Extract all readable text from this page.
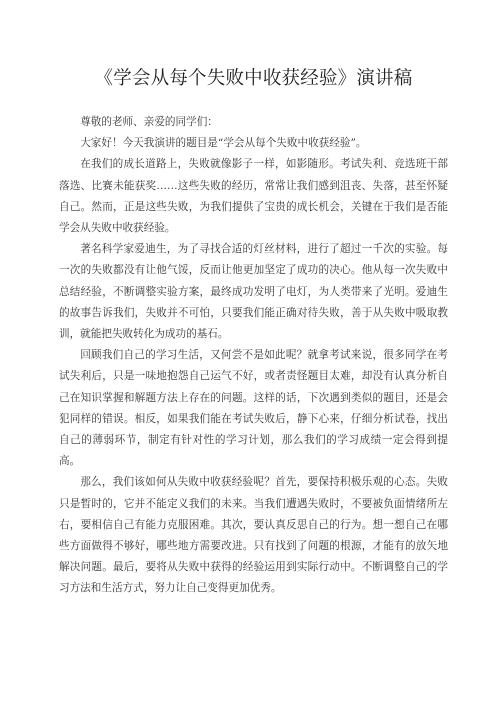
《学会从每个失败中收获经验》演讲稿

尊敬的老师、亲爱的同学们：

大家好！今天我演讲的题目是“学会从每个失败中收获经验”。

在我们的成长道路上，失败就像影子一样，如影随形。考试失利、竞选班干部落选、比赛未能获奖……这些失败的经历，常常让我们感到沮丧、失落，甚至怀疑自己。然而，正是这些失败，为我们提供了宝贵的成长机会，关键在于我们是否能学会从失败中收获经验。

著名科学家爱迪生，为了寻找合适的灯丝材料，进行了超过一千次的实验。每一次的失败都没有让他气馁，反而让他更加坚定了成功的决心。他从每一次失败中总结经验，不断调整实验方案，最终成功发明了电灯，为人类带来了光明。爱迪生的故事告诉我们，失败并不可怕，只要我们能正确对待失败，善于从失败中吸取教训，就能把失败转化为成功的基石。

回顾我们自己的学习生活，又何尝不是如此呢？就拿考试来说，很多同学在考试失利后，只是一味地抱怨自己运气不好，或者责怪题目太难，却没有认真分析自己在知识掌握和解题方法上存在的问题。这样的话，下次遇到类似的题目，还是会犯同样的错误。相反，如果我们能在考试失败后，静下心来，仔细分析试卷，找出自己的薄弱环节，制定有针对性的学习计划，那么我们的学习成绩一定会得到提高。

那么，我们该如何从失败中收获经验呢？首先，要保持积极乐观的心态。失败只是暂时的，它并不能定义我们的未来。当我们遭遇失败时，不要被负面情绪所左右，要相信自己有能力克服困难。其次，要认真反思自己的行为。想一想自己在哪些方面做得不够好，哪些地方需要改进。只有找到了问题的根源，才能有的放矢地解决问题。最后，要将从失败中获得的经验运用到实际行动中。不断调整自己的学习方法和生活方式，努力让自己变得更加优秀。
